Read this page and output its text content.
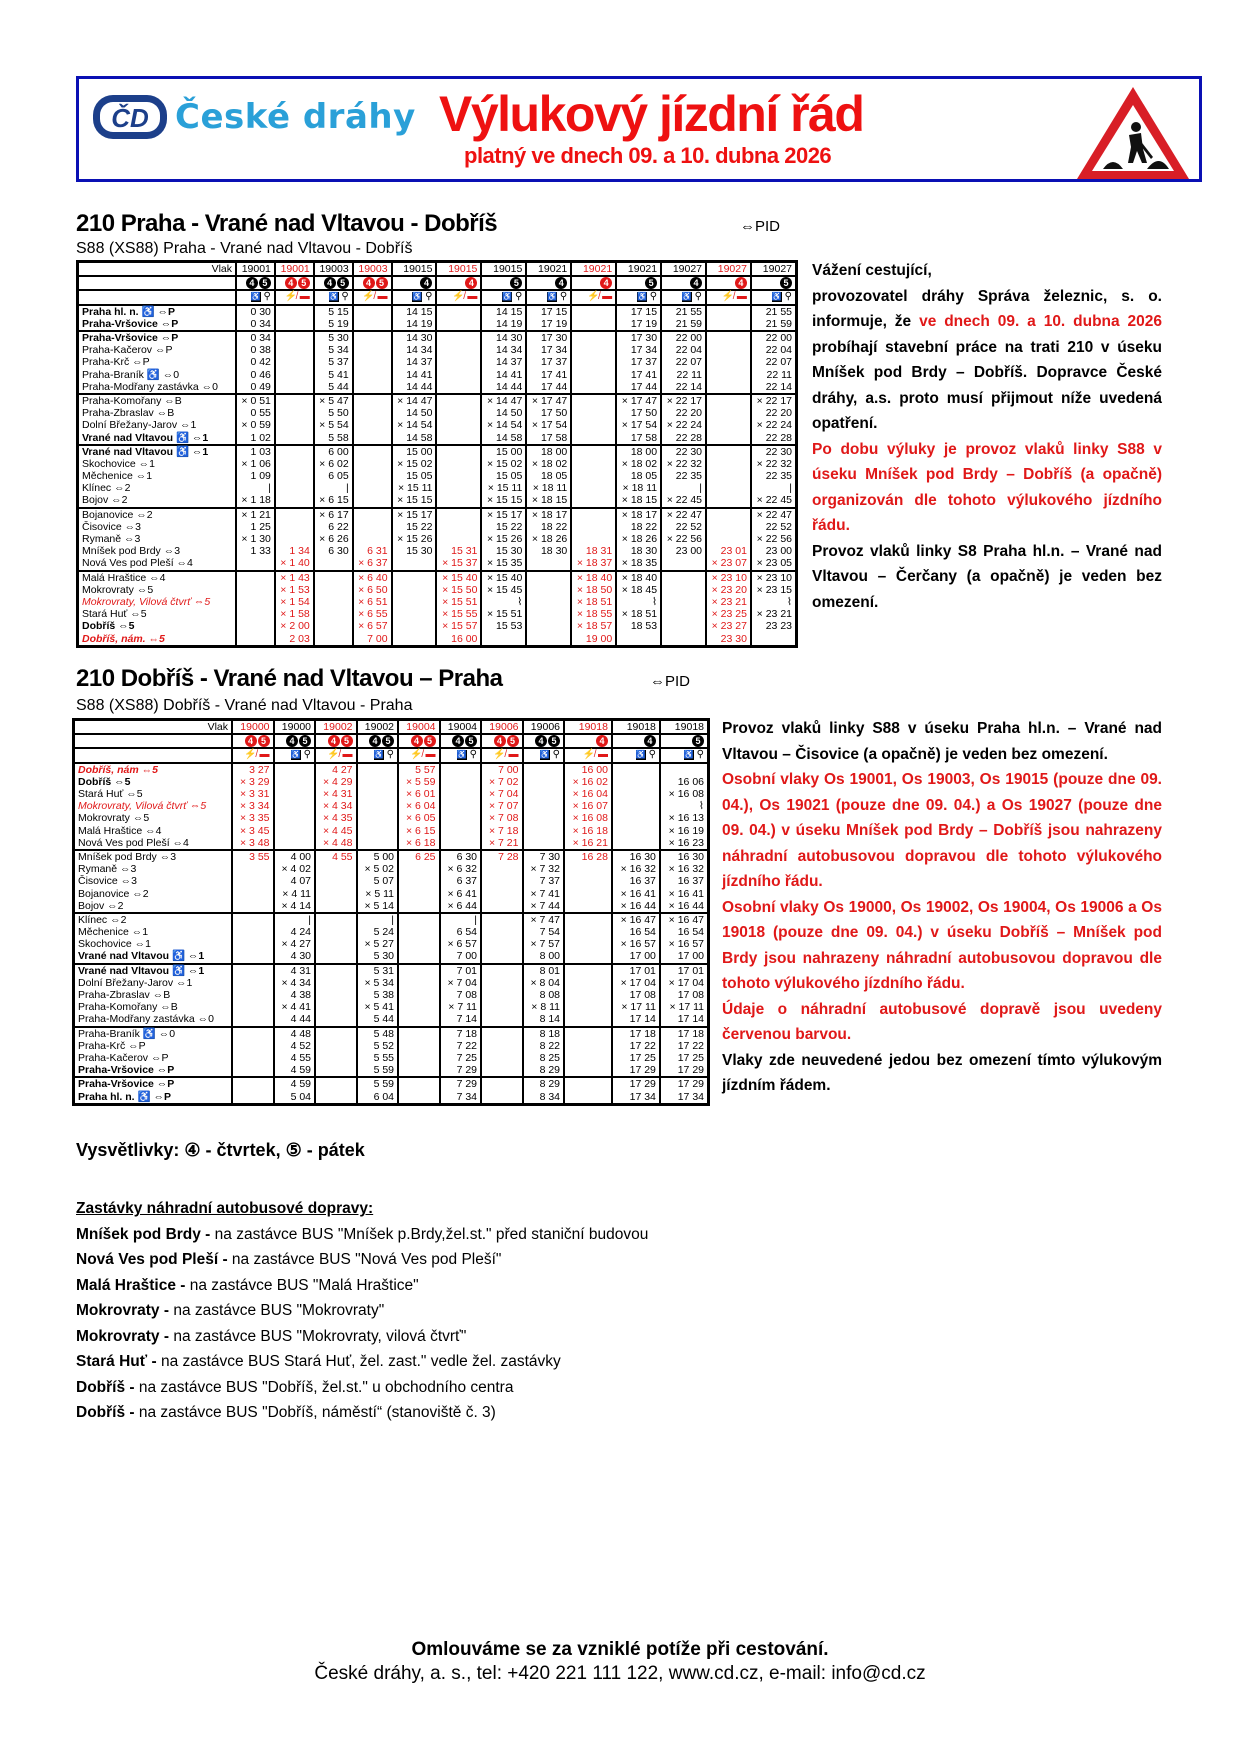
ČD České dráhy Výlukový jízdní řád
platný ve dnech 09. a 10. dubna 2026
210 Praha - Vrané nad Vltavou - Dobříš	⇔PID
S88 (XS88) Praha - Vrané nad Vltavou - Dobříš
Vlak	19001	19001	19003	19003	19015	19015	19015	19021	19021	19021	19027	19027	19027
	4 5	4 5	4 5	4 5	4	4	5	4	4	5	4	4	5
	♿ ⚲	⚡̸ ▬	♿ ⚲	⚡̸ ▬	♿ ⚲	⚡̸ ▬	♿ ⚲	♿ ⚲	⚡̸ ▬	♿ ⚲	♿ ⚲	⚡̸ ▬	♿ ⚲
Praha hl. n. ♿ ⇔P	0 30		5 15		14 15		14 15	17 15		17 15	21 55		21 55
Praha-Vršovice ⇔P	0 34		5 19		14 19		14 19	17 19		17 19	21 59		21 59
Praha-Vršovice ⇔P	0 34		5 30		14 30		14 30	17 30		17 30	22 00		22 00
Praha-Kačerov ⇔P	0 38		5 34		14 34		14 34	17 34		17 34	22 04		22 04
Praha-Krč ⇔P	0 42		5 37		14 37		14 37	17 37		17 37	22 07		22 07
Praha-Braník ♿ ⇔0	0 46		5 41		14 41		14 41	17 41		17 41	22 11		22 11
Praha-Modřany zastávka ⇔0	0 49		5 44		14 44		14 44	17 44		17 44	22 14		22 14
Praha-Komořany ⇔B	× 0 51		× 5 47		× 14 47		× 14 47	× 17 47		× 17 47	× 22 17		× 22 17
Praha-Zbraslav ⇔B	0 55		5 50		14 50		14 50	17 50		17 50	22 20		22 20
Dolní Břežany-Jarov ⇔1	× 0 59		× 5 54		× 14 54		× 14 54	× 17 54		× 17 54	× 22 24		× 22 24
Vrané nad Vltavou ♿ ⇔1	1 02		5 58		14 58		14 58	17 58		17 58	22 28		22 28
Vrané nad Vltavou ♿ ⇔1	1 03		6 00		15 00		15 00	18 00		18 00	22 30		22 30
Skochovice ⇔1	× 1 06		× 6 02		× 15 02		× 15 02	× 18 02		× 18 02	× 22 32		× 22 32
Měchenice ⇔1	1 09		6 05		15 05		15 05	18 05		18 05	22 35		22 35
Klínec ⇔2	|		|		× 15 11		× 15 11	× 18 11		× 18 11	|		|
Bojov ⇔2	× 1 18		× 6 15		× 15 15		× 15 15	× 18 15		× 18 15	× 22 45		× 22 45
Bojanovice ⇔2	× 1 21		× 6 17		× 15 17		× 15 17	× 18 17		× 18 17	× 22 47		× 22 47
Čisovice ⇔3	1 25		6 22		15 22		15 22	18 22		18 22	22 52		22 52
Rymaně ⇔3	× 1 30		× 6 26		× 15 26		× 15 26	× 18 26		× 18 26	× 22 56		× 22 56
Mníšek pod Brdy ⇔3	1 33	1 34	6 30	6 31	15 30	15 31	15 30	18 30	18 31	18 30	23 00	23 01	23 00
Nová Ves pod Pleší ⇔4		× 1 40		× 6 37		× 15 37	× 15 35		× 18 37	× 18 35		× 23 07	× 23 05
Malá Hraštice ⇔4		× 1 43		× 6 40		× 15 40	× 15 40		× 18 40	× 18 40		× 23 10	× 23 10
Mokrovraty ⇔5		× 1 53		× 6 50		× 15 50	× 15 45		× 18 50	× 18 45		× 23 20	× 23 15
Mokrovraty, Vilová čtvrť ⇔5		× 1 54		× 6 51		× 15 51	⌇		× 18 51	⌇		× 23 21	⌇
Stará Huť ⇔5		× 1 58		× 6 55		× 15 55	× 15 51		× 18 55	× 18 51		× 23 25	× 23 21
Dobříš ⇔5		× 2 00		× 6 57		× 15 57	15 53		× 18 57	18 53		× 23 27	23 23
Dobříš, nám. ⇔5		2 03		7 00		16 00			19 00			23 30	

Vážení cestující,

provozovatel dráhy Správa železnic, s. o. informuje, že ve dnech 09. a 10. dubna 2026 probíhají stavební práce na trati 210 v úseku Mníšek pod Brdy – Dobříš. Dopravce České dráhy, a.s. proto musí přijmout níže uvedená opatření.

Po dobu výluky je provoz vlaků linky S88 v úseku Mníšek pod Brdy – Dobříš (a opačně) organizován dle tohoto výlukového jízdního řádu.

Provoz vlaků linky S8 Praha hl.n. – Vrané nad Vltavou – Čerčany (a opačně) je veden bez omezení.

210 Dobříš - Vrané nad Vltavou – Praha	⇔PID
S88 (XS88) Dobříš - Vrané nad Vltavou - Praha
Vlak	19000	19000	19002	19002	19004	19004	19006	19006	19018	19018	19018
	4 5	4 5	4 5	4 5	4 5	4 5	4 5	4 5	4	4	5
	⚡̸ ▬	♿ ⚲	⚡̸ ▬	♿ ⚲	⚡̸ ▬	♿ ⚲	⚡̸ ▬	♿ ⚲	⚡̸ ▬	♿ ⚲	♿ ⚲
Dobříš, nám ⇔5	3 27		4 27		5 57		7 00		16 00		
Dobříš ⇔5	× 3 29		× 4 29		× 5 59		× 7 02		× 16 02		16 06
Stará Huť ⇔5	× 3 31		× 4 31		× 6 01		× 7 04		× 16 04		× 16 08
Mokrovraty, Vilová čtvrť ⇔5	× 3 34		× 4 34		× 6 04		× 7 07		× 16 07		⌇
Mokrovraty ⇔5	× 3 35		× 4 35		× 6 05		× 7 08		× 16 08		× 16 13
Malá Hraštice ⇔4	× 3 45		× 4 45		× 6 15		× 7 18		× 16 18		× 16 19
Nová Ves pod Pleší ⇔4	× 3 48		× 4 48		× 6 18		× 7 21		× 16 21		× 16 23
Mníšek pod Brdy ⇔3	3 55	4 00	4 55	5 00	6 25	6 30	7 28	7 30	16 28	16 30	16 30
Rymaně ⇔3		× 4 02		× 5 02		× 6 32		× 7 32		× 16 32	× 16 32
Čisovice ⇔3		4 07		5 07		6 37		7 37		16 37	16 37
Bojanovice ⇔2		× 4 11		× 5 11		× 6 41		× 7 41		× 16 41	× 16 41
Bojov ⇔2		× 4 14		× 5 14		× 6 44		× 7 44		× 16 44	× 16 44
Klínec ⇔2		|		|		|		× 7 47		× 16 47	× 16 47
Měchenice ⇔1		4 24		5 24		6 54		7 54		16 54	16 54
Skochovice ⇔1		× 4 27		× 5 27		× 6 57		× 7 57		× 16 57	× 16 57
Vrané nad Vltavou ♿ ⇔1		4 30		5 30		7 00		8 00		17 00	17 00
Vrané nad Vltavou ♿ ⇔1		4 31		5 31		7 01		8 01		17 01	17 01
Dolní Břežany-Jarov ⇔1		× 4 34		× 5 34		× 7 04		× 8 04		× 17 04	× 17 04
Praha-Zbraslav ⇔B		4 38		5 38		7 08		8 08		17 08	17 08
Praha-Komořany ⇔B		× 4 41		× 5 41		× 7 11		× 8 11		× 17 11	× 17 11
Praha-Modřany zastávka ⇔0		4 44		5 44		7 14		8 14		17 14	17 14
Praha-Braník ♿ ⇔0		4 48		5 48		7 18		8 18		17 18	17 18
Praha-Krč ⇔P		4 52		5 52		7 22		8 22		17 22	17 22
Praha-Kačerov ⇔P		4 55		5 55		7 25		8 25		17 25	17 25
Praha-Vršovice ⇔P		4 59		5 59		7 29		8 29		17 29	17 29
Praha-Vršovice ⇔P		4 59		5 59		7 29		8 29		17 29	17 29
Praha hl. n. ♿ ⇔P		5 04		6 04		7 34		8 34		17 34	17 34

Provoz vlaků linky S88 v úseku Praha hl.n. – Vrané nad Vltavou – Čisovice (a opačně) je veden bez omezení.

Osobní vlaky Os 19001, Os 19003, Os 19015 (pouze dne 09. 04.), Os 19021 (pouze dne 09. 04.) a Os 19027 (pouze dne 09. 04.) v úseku Mníšek pod Brdy – Dobříš jsou nahrazeny náhradní autobusovou dopravou dle tohoto výlukového jízdního řádu.

Osobní vlaky Os 19000, Os 19002, Os 19004, Os 19006 a Os 19018 (pouze dne 09. 04.) v úseku Dobříš – Mníšek pod Brdy jsou nahrazeny náhradní autobusovou dopravou dle tohoto výlukového jízdního řádu.

Údaje o náhradní autobusové dopravě jsou uvedeny červenou barvou.

Vlaky zde neuvedené jedou bez omezení tímto výlukovým jízdním řádem.

Vysvětlivky: ④ - čtvrtek, ⑤ - pátek
Zastávky náhradní autobusové dopravy:
Mníšek pod Brdy - na zastávce BUS "Mníšek p.Brdy,žel.st." před staniční budovou
Nová Ves pod Pleší - na zastávce BUS "Nová Ves pod Pleší"
Malá Hraštice - na zastávce BUS "Malá Hraštice"
Mokrovraty - na zastávce BUS "Mokrovraty"
Mokrovraty - na zastávce BUS "Mokrovraty, vilová čtvrť"
Stará Huť - na zastávce BUS Stará Huť, žel. zast." vedle žel. zastávky
Dobříš - na zastávce BUS "Dobříš, žel.st." u obchodního centra
Dobříš - na zastávce BUS "Dobříš, náměstí“ (stanoviště č. 3)
Omlouváme se za vzniklé potíže při cestování.
České dráhy, a. s., tel: +420 221 111 122, www.cd.cz, e-mail: info@cd.cz
